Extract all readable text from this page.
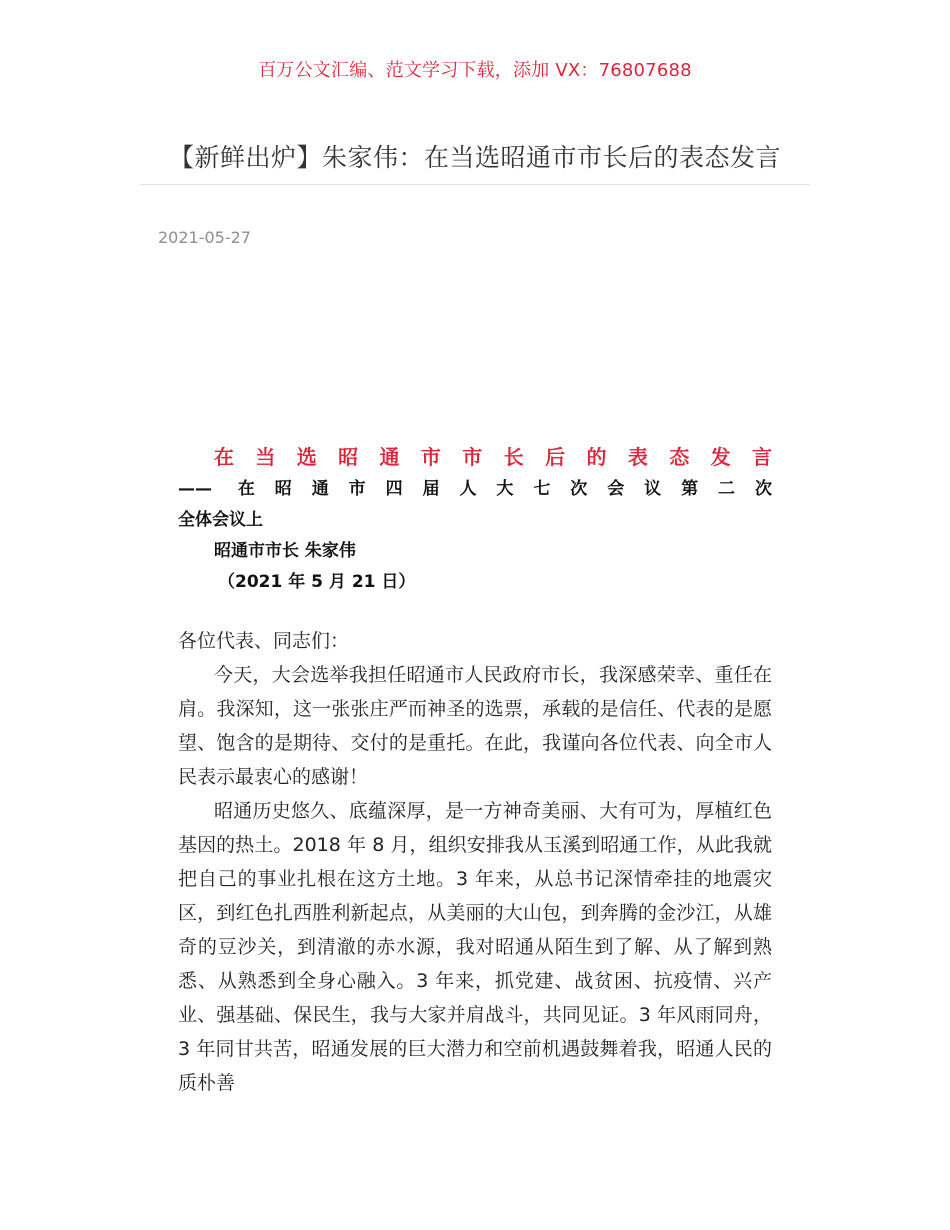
百万公文汇编、范文学习下载，添加 VX：76807688
【新鲜出炉】朱家伟：在当选昭通市市长后的表态发言
2021-05-27
在当选昭通市市长后的表态发言
—— 在昭通市四届人大七次会议第二次
全体会议上
昭通市市长 朱家伟
（2021 年 5 月 21 日）
各位代表、同志们：

今天，大会选举我担任昭通市人民政府市长，我深感荣幸、重任在肩。我深知，这一张张庄严而神圣的选票，承载的是信任、代表的是愿望、饱含的是期待、交付的是重托。在此，我谨向各位代表、向全市人民表示最衷心的感谢！

昭通历史悠久、底蕴深厚，是一方神奇美丽、大有可为，厚植红色基因的热土。2018 年 8 月，组织安排我从玉溪到昭通工作，从此我就把自己的事业扎根在这方土地。3 年来，从总书记深情牵挂的地震灾区，到红色扎西胜利新起点，从美丽的大山包，到奔腾的金沙江，从雄奇的豆沙关，到清澈的赤水源，我对昭通从陌生到了解、从了解到熟悉、从熟悉到全身心融入。3 年来，抓党建、战贫困、抗疫情、兴产业、强基础、保民生，我与大家并肩战斗，共同见证。3 年风雨同舟，3 年同甘共苦，昭通发展的巨大潜力和空前机遇鼓舞着我，昭通人民的质朴善
